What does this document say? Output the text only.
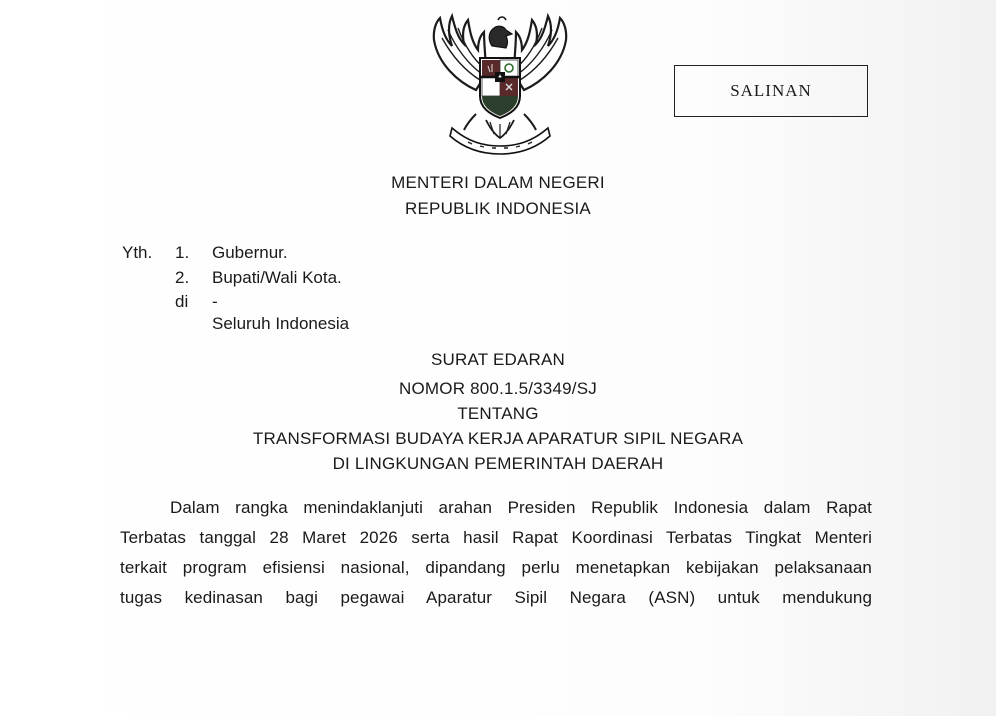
SALINAN
MENTERI DALAM NEGERI
REPUBLIK INDONESIA
Yth. 1. Gubernur.
2. Bupati/Wali Kota.
di -
Seluruh Indonesia
SURAT EDARAN
NOMOR 800.1.5/3349/SJ
TENTANG
TRANSFORMASI BUDAYA KERJA APARATUR SIPIL NEGARA
DI LINGKUNGAN PEMERINTAH DAERAH
Dalam rangka menindaklanjuti arahan Presiden Republik Indonesia dalam Rapat
Terbatas tanggal 28 Maret 2026 serta hasil Rapat Koordinasi Terbatas Tingkat Menteri
terkait program efisiensi nasional, dipandang perlu menetapkan kebijakan pelaksanaan
tugas kedinasan bagi pegawai Aparatur Sipil Negara (ASN) untuk mendukung
